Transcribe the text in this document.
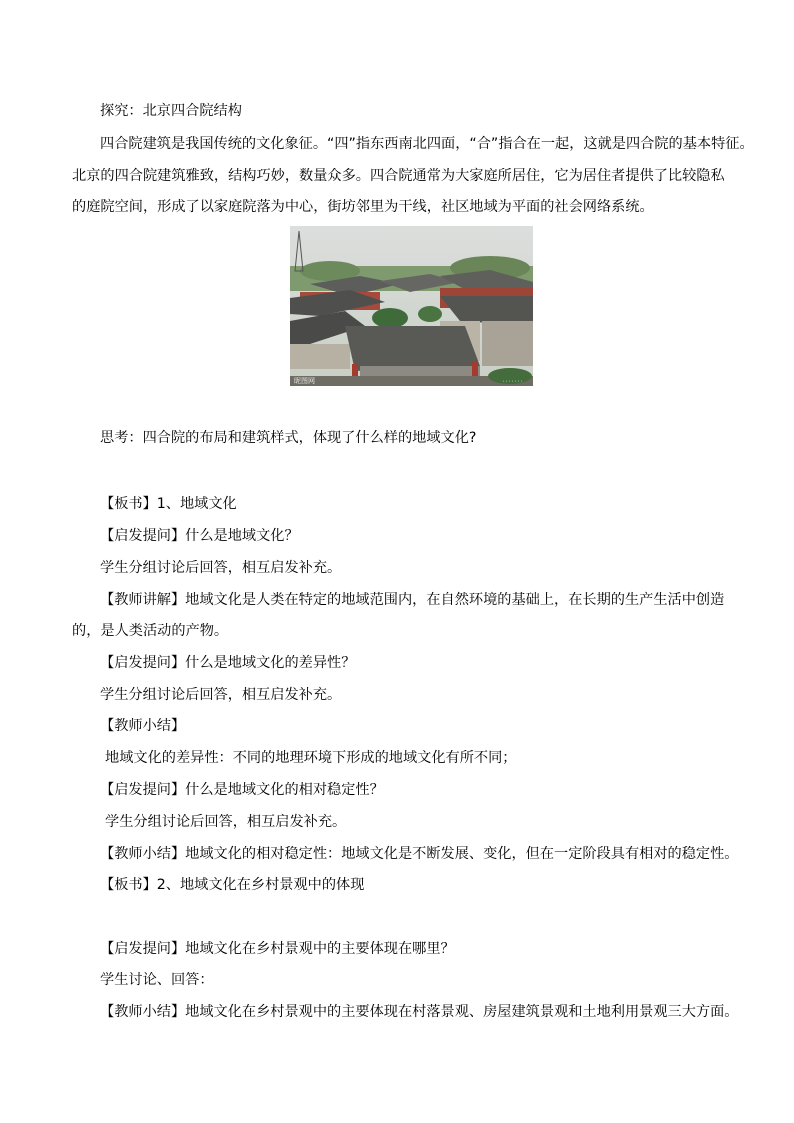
探究：北京四合院结构
四合院建筑是我国传统的文化象征。“四”指东西南北四面，“合”指合在一起，这就是四合院的基本特征。
北京的四合院建筑雅致，结构巧妙，数量众多。四合院通常为大家庭所居住，它为居住者提供了比较隐私
的庭院空间，形成了以家庭院落为中心，街坊邻里为干线，社区地域为平面的社会网络系统。
昵图网	·······
思考：四合院的布局和建筑样式，体现了什么样的地域文化?
【板书】1、地域文化
【启发提问】什么是地域文化？
学生分组讨论后回答，相互启发补充。
【教师讲解】地域文化是人类在特定的地域范围内，在自然环境的基础上，在长期的生产生活中创造
的，是人类活动的产物。
【启发提问】什么是地域文化的差异性？
学生分组讨论后回答，相互启发补充。
【教师小结】
地域文化的差异性：不同的地理环境下形成的地域文化有所不同；
【启发提问】什么是地域文化的相对稳定性？
学生分组讨论后回答，相互启发补充。
【教师小结】地域文化的相对稳定性：地域文化是不断发展、变化，但在一定阶段具有相对的稳定性。
【板书】2、地域文化在乡村景观中的体现
【启发提问】地域文化在乡村景观中的主要体现在哪里？
学生讨论、回答：
【教师小结】地域文化在乡村景观中的主要体现在村落景观、房屋建筑景观和土地利用景观三大方面。
